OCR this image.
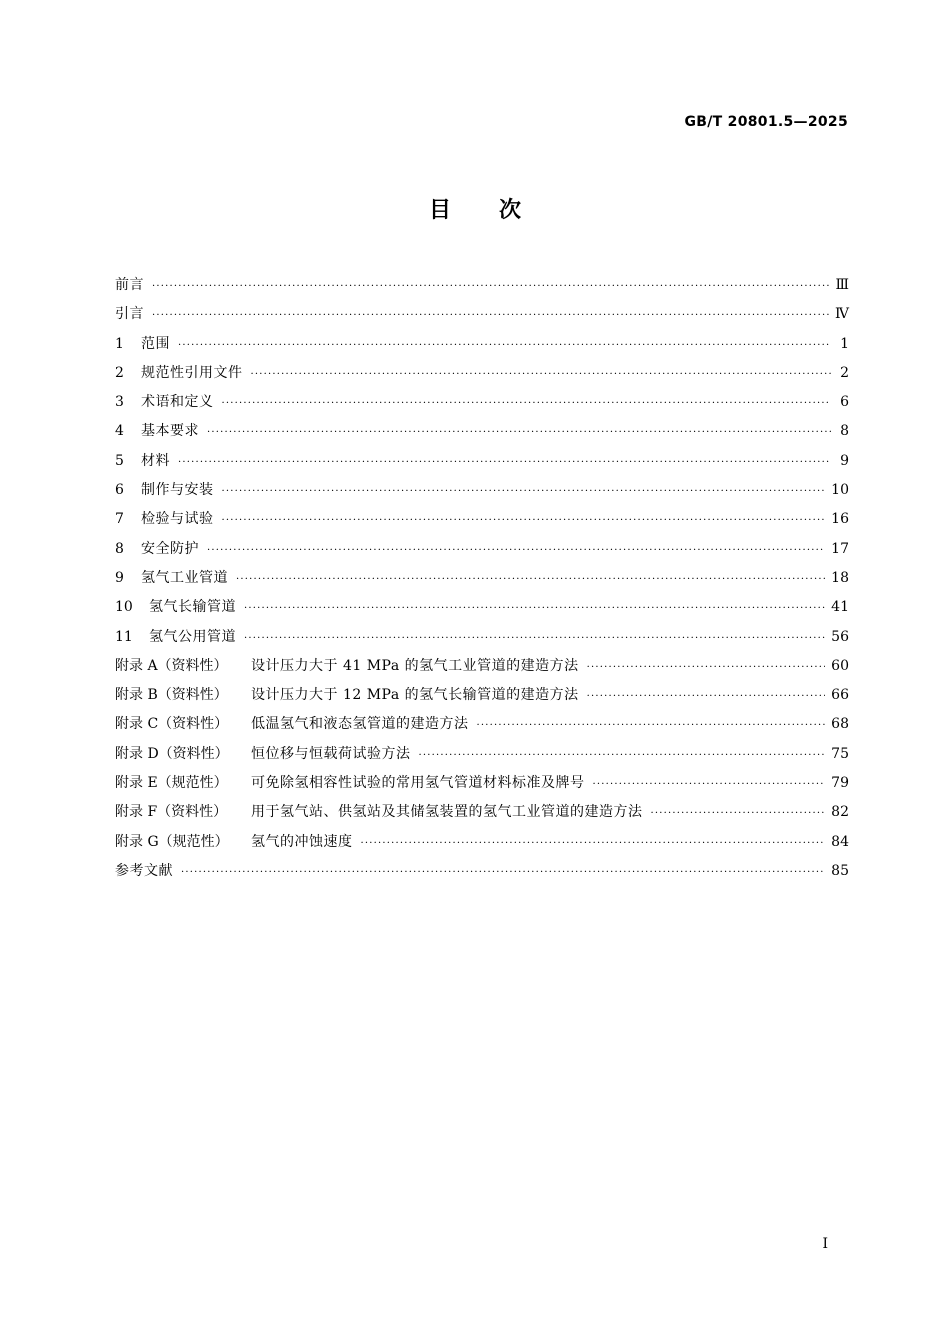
GB/T 20801.5—2025
目 次
前言 ·····	Ⅲ
引言 ·····	Ⅳ
1	范围 ·····	1
2	规范性引用文件 ·····	2
3	术语和定义 ·····	6
4	基本要求 ·····	8
5	材料 ·····	9
6	制作与安装 ·····	10
7	检验与试验 ·····	16
8	安全防护 ·····	17
9	氢气工业管道 ·····	18
10	氢气长输管道 ·····	41
11	氢气公用管道 ·····	56
附录 A（资料性）	设计压力大于 41 MPa 的氢气工业管道的建造方法 ·····	60
附录 B（资料性）	设计压力大于 12 MPa 的氢气长输管道的建造方法 ·····	66
附录 C（资料性）	低温氢气和液态氢管道的建造方法 ·····	68
附录 D（资料性）	恒位移与恒载荷试验方法 ·····	75
附录 E（规范性）	可免除氢相容性试验的常用氢气管道材料标准及牌号 ·····	79
附录 F（资料性）	用于氢气站、供氢站及其储氢装置的氢气工业管道的建造方法 ·····	82
附录 G（规范性）	氢气的冲蚀速度 ·····	84
参考文献 ·····	85
Ⅰ
